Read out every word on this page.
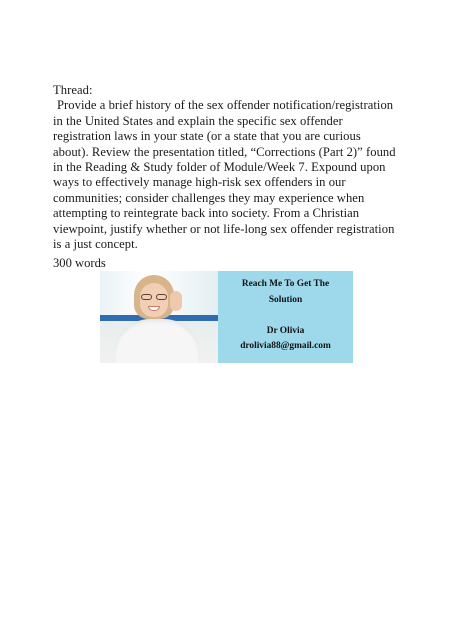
Thread:

Provide a brief history of the sex offender notification/registration in the United States and explain the specific sex offender registration laws in your state (or a state that you are curious about). Review the presentation titled, “Corrections (Part 2)” found in the Reading & Study folder of Module/Week 7. Expound upon ways to effectively manage high-risk sex offenders in our communities; consider challenges they may experience when attempting to reintegrate back into society. From a Christian viewpoint, justify whether or not life-long sex offender registration is a just concept.

300 words
Reach Me To Get The
Solution
Dr Olivia
drolivia88@gmail.com
